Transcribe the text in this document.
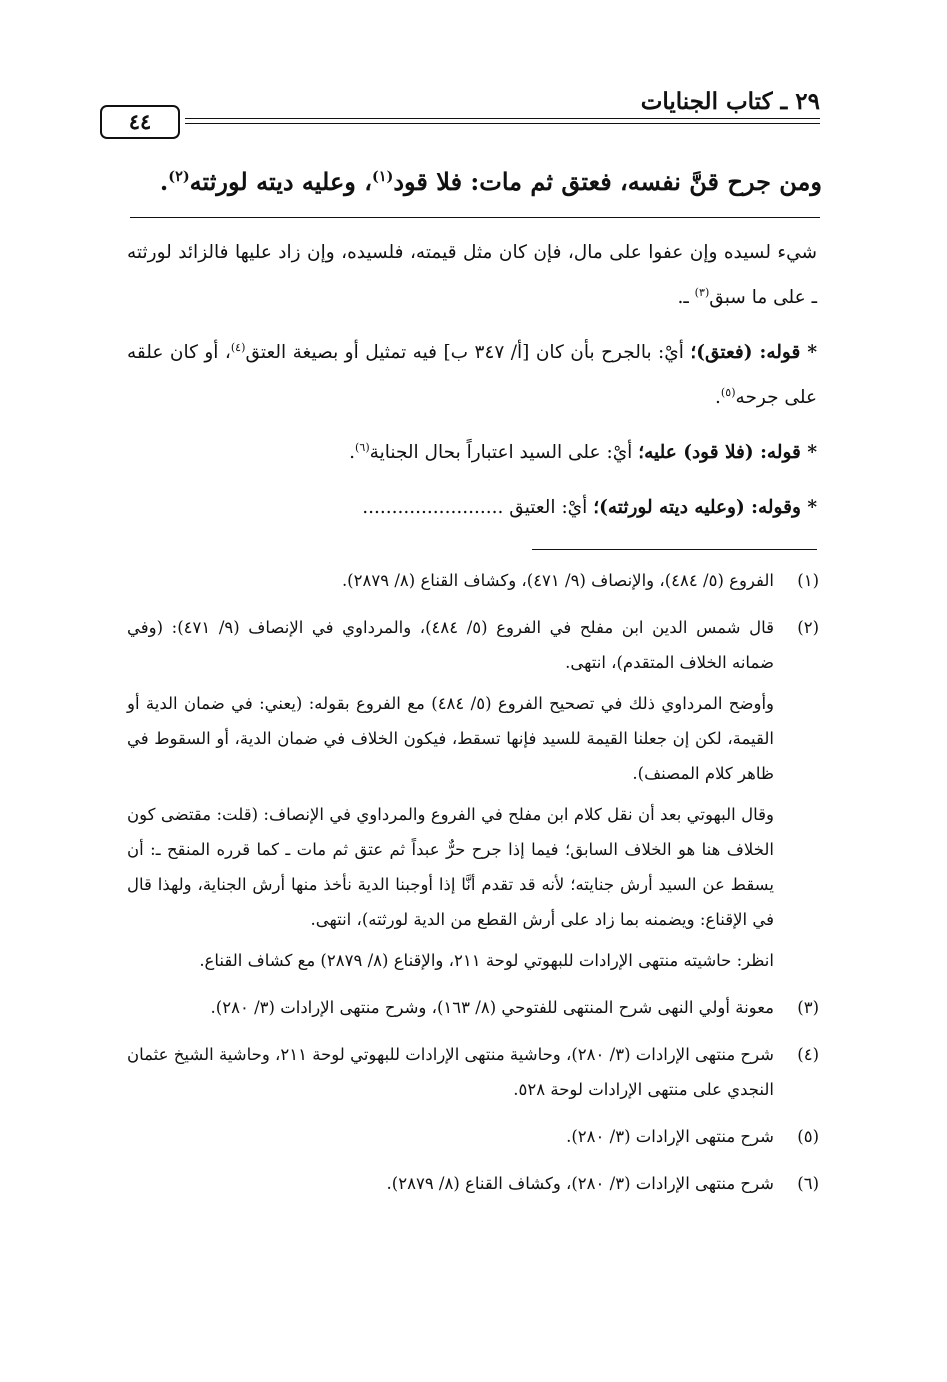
٢٩ ـ كتاب الجنايات
٤٤
ومن جرح قنَّ نفسه، فعتق ثم مات: فلا قود$^{(١)}$، وعليه ديته لورثته$^{(٢)}$.

شيء لسيده وإن عفوا على مال، فإن كان مثل قيمته، فلسيده، وإن زاد عليها فالزائد لورثته ـ على ما سبق$^{(٣)}$ ـ.

* قوله: (فعتق)؛ أيْ: بالجرح بأن كان [أ/ ٣٤٧ ب] فيه تمثيل أو بصيغة العتق$^{(٤)}$، أو كان علقه على جرحه$^{(٥)}$.

* قوله: (فلا قود) عليه؛ أيْ: على السيد اعتباراً بحال الجناية$^{(٦)}$.

* وقوله: (وعليه ديته لورثته)؛ أيْ: العتيق ........................

(١)

الفروع (٥/ ٤٨٤)، والإنصاف (٩/ ٤٧١)، وكشاف القناع (٨/ ٢٨٧٩).

(٢)

قال شمس الدين ابن مفلح في الفروع (٥/ ٤٨٤)، والمرداوي في الإنصاف (٩/ ٤٧١): (وفي ضمانه الخلاف المتقدم)، انتهى.

وأوضح المرداوي ذلك في تصحيح الفروع (٥/ ٤٨٤) مع الفروع بقوله: (يعني: في ضمان الدية أو القيمة، لكن إن جعلنا القيمة للسيد فإنها تسقط، فيكون الخلاف في ضمان الدية، أو السقوط في ظاهر كلام المصنف).

وقال البهوتي بعد أن نقل كلام ابن مفلح في الفروع والمرداوي في الإنصاف: (قلت: مقتضى كون الخلاف هنا هو الخلاف السابق؛ فيما إذا جرح حرٌّ عبداً ثم عتق ثم مات ـ كما قرره المنقح ـ: أن يسقط عن السيد أرش جنايته؛ لأنه قد تقدم أنَّا إذا أوجبنا الدية نأخذ منها أرش الجناية، ولهذا قال في الإقناع: ويضمنه بما زاد على أرش القطع من الدية لورثته)، انتهى.

انظر: حاشيته منتهى الإرادات للبهوتي لوحة ٢١١، والإقناع (٨/ ٢٨٧٩) مع كشاف القناع.

(٣)

معونة أولي النهى شرح المنتهى للفتوحي (٨/ ١٦٣)، وشرح منتهى الإرادات (٣/ ٢٨٠).

(٤)

شرح منتهى الإرادات (٣/ ٢٨٠)، وحاشية منتهى الإرادات للبهوتي لوحة ٢١١، وحاشية الشيخ عثمان النجدي على منتهى الإرادات لوحة ٥٢٨.

(٥)

شرح منتهى الإرادات (٣/ ٢٨٠).

(٦)

شرح منتهى الإرادات (٣/ ٢٨٠)، وكشاف القناع (٨/ ٢٨٧٩).
